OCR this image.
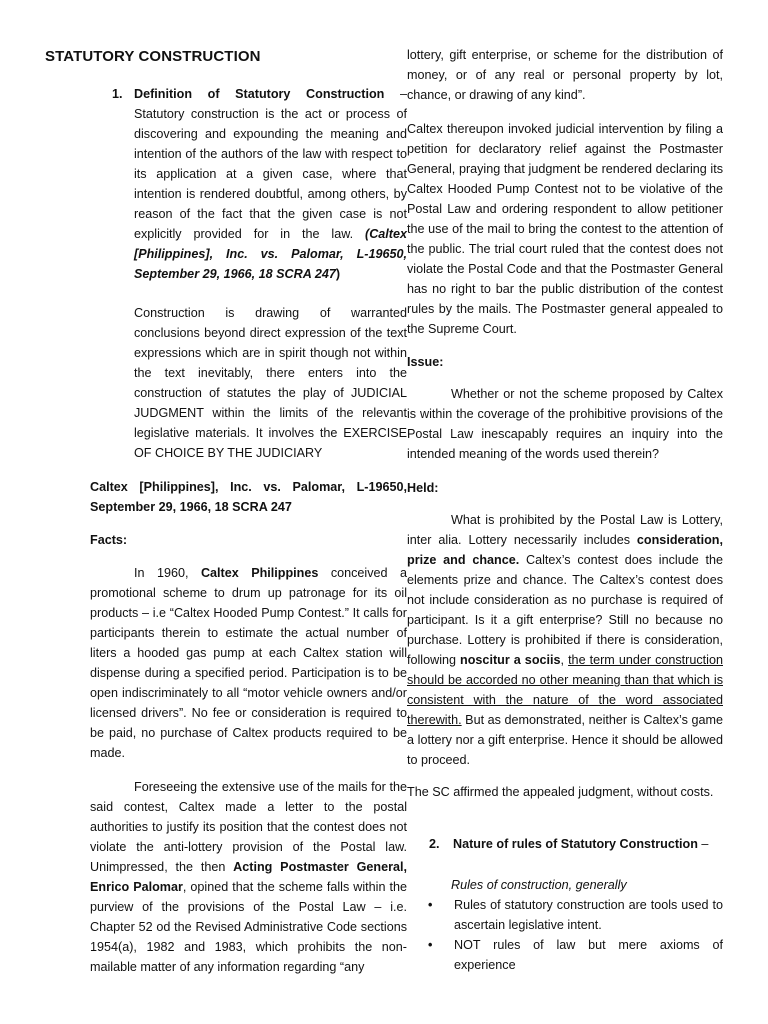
STATUTORY CONSTRUCTION
1. Definition of Statutory Construction – Statutory construction is the act or process of discovering and expounding the meaning and intention of the authors of the law with respect to its application at a given case, where that intention is rendered doubtful, among others, by reason of the fact that the given case is not explicitly provided for in the law. (Caltex [Philippines], Inc. vs. Palomar, L-19650, September 29, 1966, 18 SCRA 247)

Construction is drawing of warranted conclusions beyond direct expression of the text expressions which are in spirit though not within the text inevitably, there enters into the construction of statutes the play of JUDICIAL JUDGMENT within the limits of the relevant legislative materials. It involves the EXERCISE OF CHOICE BY THE JUDICIARY

Caltex [Philippines], Inc. vs. Palomar, L-19650, September 29, 1966, 18 SCRA 247

Facts:

In 1960, Caltex Philippines conceived a promotional scheme to drum up patronage for its oil products – i.e “Caltex Hooded Pump Contest.” It calls for participants therein to estimate the actual number of liters a hooded gas pump at each Caltex station will dispense during a specified period. Participation is to be open indiscriminately to all “motor vehicle owners and/or licensed drivers”. No fee or consideration is required to be paid, no purchase of Caltex products required to be made.

Foreseeing the extensive use of the mails for the said contest, Caltex made a letter to the postal authorities to justify its position that the contest does not violate the anti-lottery provision of the Postal law. Unimpressed, the then Acting Postmaster General, Enrico Palomar, opined that the scheme falls within the purview of the provisions of the Postal Law – i.e. Chapter 52 od the Revised Administrative Code sections 1954(a), 1982 and 1983, which prohibits the non-mailable matter of any information regarding “any

lottery, gift enterprise, or scheme for the distribution of money, or of any real or personal property by lot, chance, or drawing of any kind”.

Caltex thereupon invoked judicial intervention by filing a petition for declaratory relief against the Postmaster General, praying that judgment be rendered declaring its Caltex Hooded Pump Contest not to be violative of the Postal Law and ordering respondent to allow petitioner the use of the mail to bring the contest to the attention of the public. The trial court ruled that the contest does not violate the Postal Code and that the Postmaster General has no right to bar the public distribution of the contest rules by the mails. The Postmaster general appealed to the Supreme Court.

Issue:

Whether or not the scheme proposed by Caltex is within the coverage of the prohibitive provisions of the Postal Law inescapably requires an inquiry into the intended meaning of the words used therein?

Held:

What is prohibited by the Postal Law is Lottery, inter alia. Lottery necessarily includes consideration, prize and chance. Caltex’s contest does include the elements prize and chance. The Caltex’s contest does not include consideration as no purchase is required of participant. Is it a gift enterprise? Still no because no purchase. Lottery is prohibited if there is consideration, following noscitur a sociis, the term under construction should be accorded no other meaning than that which is consistent with the nature of the word associated therewith. But as demonstrated, neither is Caltex’s game a lottery nor a gift enterprise. Hence it should be allowed to proceed.

The SC affirmed the appealed judgment, without costs.

2. Nature of rules of Statutory Construction –

Rules of construction, generally

• Rules of statutory construction are tools used to ascertain legislative intent.
• NOT rules of law but mere axioms of experience
